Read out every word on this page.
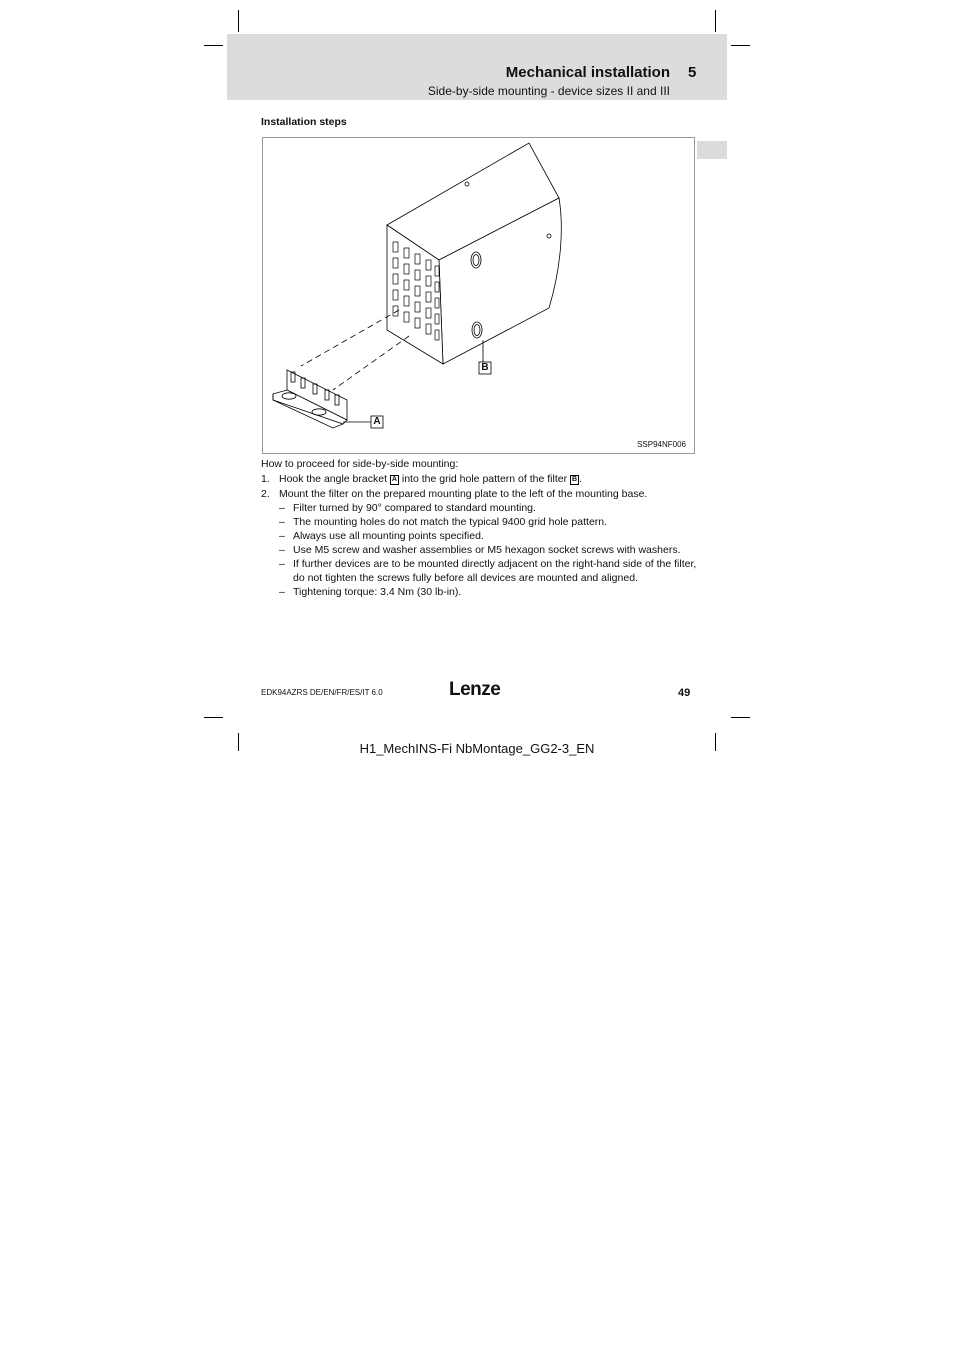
Mechanical installation 5
Side-by-side mounting - device sizes II and III
Installation steps
A
B
SSP94NF006
How to proceed for side-by-side mounting:
1. Hook the angle bracket A into the grid hole pattern of the filter B .
2. Mount the filter on the prepared mounting plate to the left of the mounting base.
– Filter turned by 90° compared to standard mounting.
– The mounting holes do not match the typical 9400 grid hole pattern.
– Always use all mounting points specified.
– Use M5 screw and washer assemblies or M5 hexagon socket screws with washers.
– If further devices are to be mounted directly adjacent on the right-hand side of the filter, do not tighten the screws fully before all devices are mounted and aligned.
– Tightening torque: 3.4 Nm (30 lb-in).
EDK94AZRS DE/EN/FR/ES/IT 6.0	Lenze	49
H1_MechINS-Fi NbMontage_GG2-3_EN
